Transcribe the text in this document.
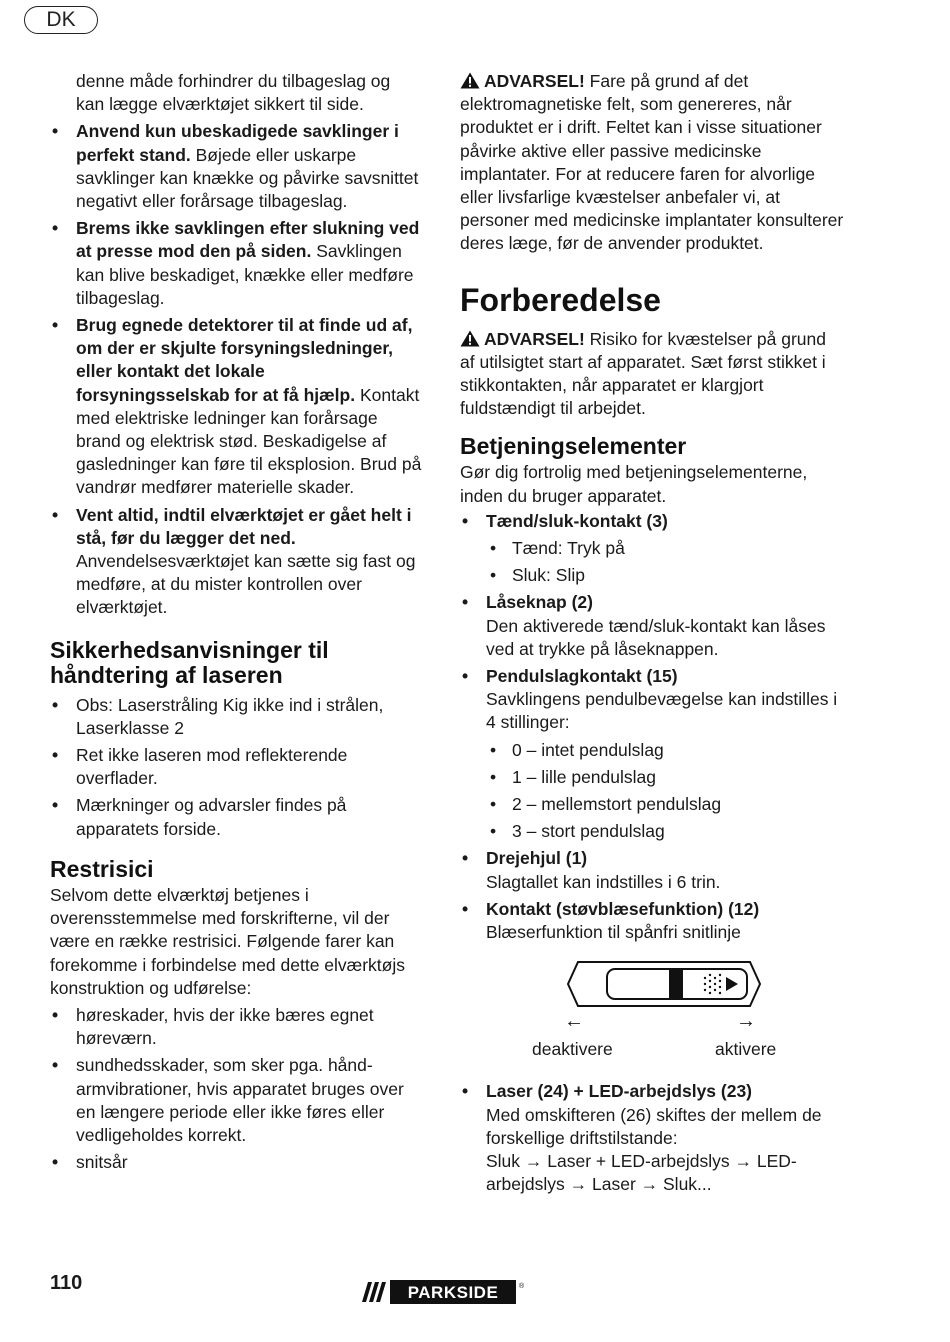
DK

denne måde forhindrer du tilbageslag og kan lægge elværktøjet sikkert til side.

• Anvend kun ubeskadigede savklinger i perfekt stand. Bøjede eller uskarpe savklinger kan knække og påvirke savsnittet negativt eller forårsage tilbageslag.
• Brems ikke savklingen efter slukning ved at presse mod den på siden. Savklingen kan blive beskadiget, knække eller medføre tilbageslag.
• Brug egnede detektorer til at finde ud af, om der er skjulte forsyningsledninger, eller kontakt det lokale forsyningsselskab for at få hjælp. Kontakt med elektriske ledninger kan forårsage brand og elektrisk stød. Beskadigelse af gasledninger kan føre til eksplosion. Brud på vandrør medfører materielle skader.
• Vent altid, indtil elværktøjet er gået helt i stå, før du lægger det ned. Anvendelsesværktøjet kan sætte sig fast og medføre, at du mister kontrollen over elværktøjet.
Sikkerhedsanvisninger til håndtering af laseren
• Obs: Laserstråling Kig ikke ind i strålen, Laserklasse 2
• Ret ikke laseren mod reflekterende overflader.
• Mærkninger og advarsler findes på apparatets forside.
Restrisici

Selvom dette elværktøj betjenes i overensstemmelse med forskrifterne, vil der være en række restrisici. Følgende farer kan forekomme i forbindelse med dette elværktøjs konstruktion og udførelse:

• høreskader, hvis der ikke bæres egnet høreværn.
• sundhedsskader, som sker pga. hånd-armvibrationer, hvis apparatet bruges over en længere periode eller ikke føres eller vedligeholdes korrekt.
• snitsår

ADVARSEL! Fare på grund af det elektromagnetiske felt, som genereres, når produktet er i drift. Feltet kan i visse situationer påvirke aktive eller passive medicinske implantater. For at reducere faren for alvorlige eller livsfarlige kvæstelser anbefaler vi, at personer med medicinske implantater konsulterer deres læge, før de anvender produktet.

Forberedelse

ADVARSEL! Risiko for kvæstelser på grund af utilsigtet start af apparatet. Sæt først stikket i stikkontakten, når apparatet er klargjort fuldstændigt til arbejdet.

Betjeningselementer

Gør dig fortrolig med betjeningselementerne, inden du bruger apparatet.

• Tænd/sluk-kontakt (3)
• Tænd: Tryk på
• Sluk: Slip
• Låseknap (2)
Den aktiverede tænd/sluk-kontakt kan låses ved at trykke på låseknappen.
• Pendulslagkontakt (15)
Savklingens pendulbevægelse kan indstilles i 4 stillinger:
• 0 – intet pendulslag
• 1 – lille pendulslag
• 2 – mellemstort pendulslag
• 3 – stort pendulslag
• Drejehjul (1)
Slagtallet kan indstilles i 6 trin.
• Kontakt (støvblæsefunktion) (12)
Blæserfunktion til spånfri snitlinje
←	→
deaktivere	aktivere
• Laser (24) + LED-arbejdslys (23)
Med omskifteren (26) skiftes der mellem de forskellige driftstilstande:
Sluk → Laser + LED-arbejdslys → LED-arbejdslys → Laser → Sluk...
110	PARKSIDE	®
